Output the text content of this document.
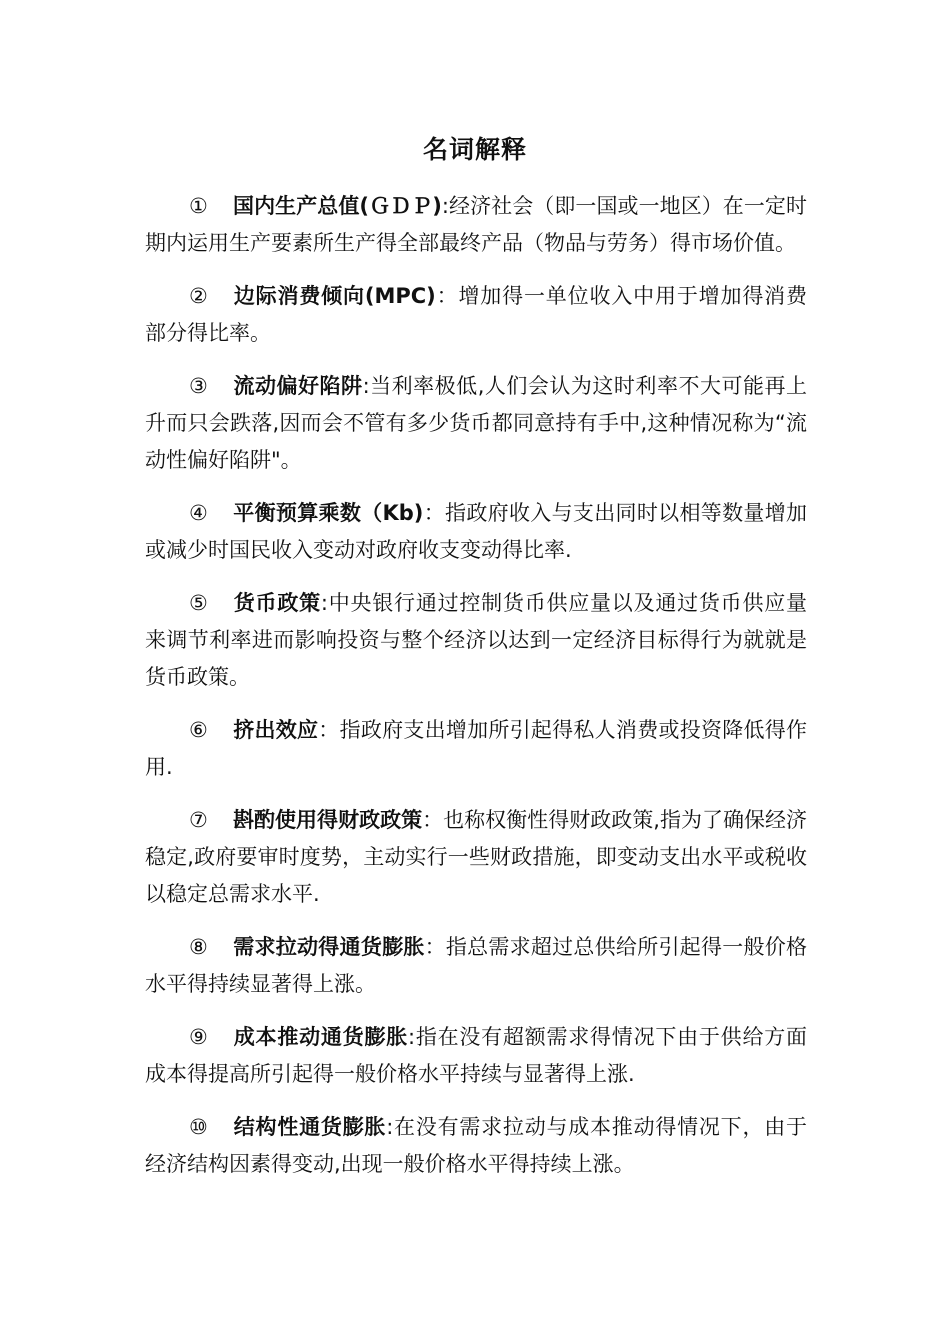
名词解释

① 国内生产总值(ＧＤＰ):经济社会（即一国或一地区）在一定时期内运用生产要素所生产得全部最终产品（物品与劳务）得市场价值。

② 边际消费倾向(MPC)：增加得一单位收入中用于增加得消费部分得比率。

③ 流动偏好陷阱:当利率极低,人们会认为这时利率不大可能再上升而只会跌落,因而会不管有多少货币都同意持有手中,这种情况称为“流动性偏好陷阱"。

④ 平衡预算乘数（Kb)：指政府收入与支出同时以相等数量增加或减少时国民收入变动对政府收支变动得比率.

⑤ 货币政策:中央银行通过控制货币供应量以及通过货币供应量来调节利率进而影响投资与整个经济以达到一定经济目标得行为就就是货币政策。

⑥ 挤出效应：指政府支出增加所引起得私人消费或投资降低得作用.

⑦ 斟酌使用得财政政策：也称权衡性得财政政策,指为了确保经济稳定,政府要审时度势，主动实行一些财政措施，即变动支出水平或税收以稳定总需求水平.

⑧ 需求拉动得通货膨胀：指总需求超过总供给所引起得一般价格水平得持续显著得上涨。

⑨ 成本推动通货膨胀:指在没有超额需求得情况下由于供给方面成本得提高所引起得一般价格水平持续与显著得上涨.

⑩ 结构性通货膨胀:在没有需求拉动与成本推动得情况下，由于经济结构因素得变动,出现一般价格水平得持续上涨。
